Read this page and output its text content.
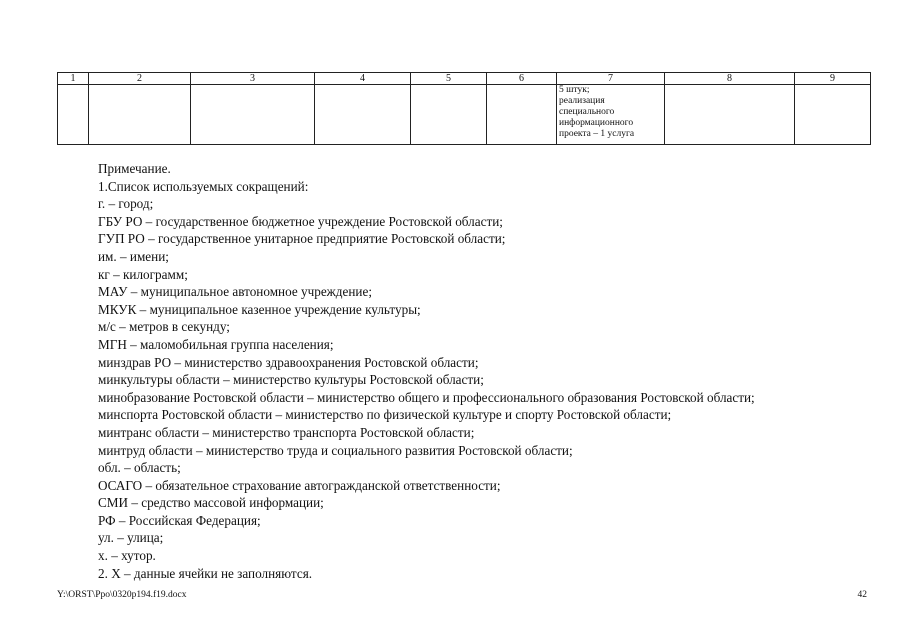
1	2	3	4	5	6	7	8	9

						5 штук;
реализация
специального
информационного
проекта – 1 услуга		

Примечание.
1.Список используемых сокращений:
г. – город;
ГБУ РО – государственное бюджетное учреждение Ростовской области;
ГУП РО – государственное унитарное предприятие Ростовской области;
им. – имени;
кг – килограмм;
МАУ – муниципальное автономное учреждение;
МКУК – муниципальное казенное учреждение культуры;
м/с – метров в секунду;
МГН – маломобильная группа населения;
минздрав РО – министерство здравоохранения Ростовской области;
минкультуры области – министерство культуры Ростовской области;
минобразование Ростовской области – министерство общего и профессионального образования Ростовской области;
минспорта Ростовской области – министерство по физической культуре и спорту Ростовской области;
минтранс области – министерство транспорта Ростовской области;
минтруд области – министерство труда и социального развития Ростовской области;
обл. – область;
ОСАГО – обязательное страхование автогражданской ответственности;
СМИ – средство массовой информации;
РФ – Российская Федерация;
ул. – улица;
х. – хутор.
2. Х – данные ячейки не заполняются.
Y:\ORST\Ppo\0320p194.f19.docx	42
